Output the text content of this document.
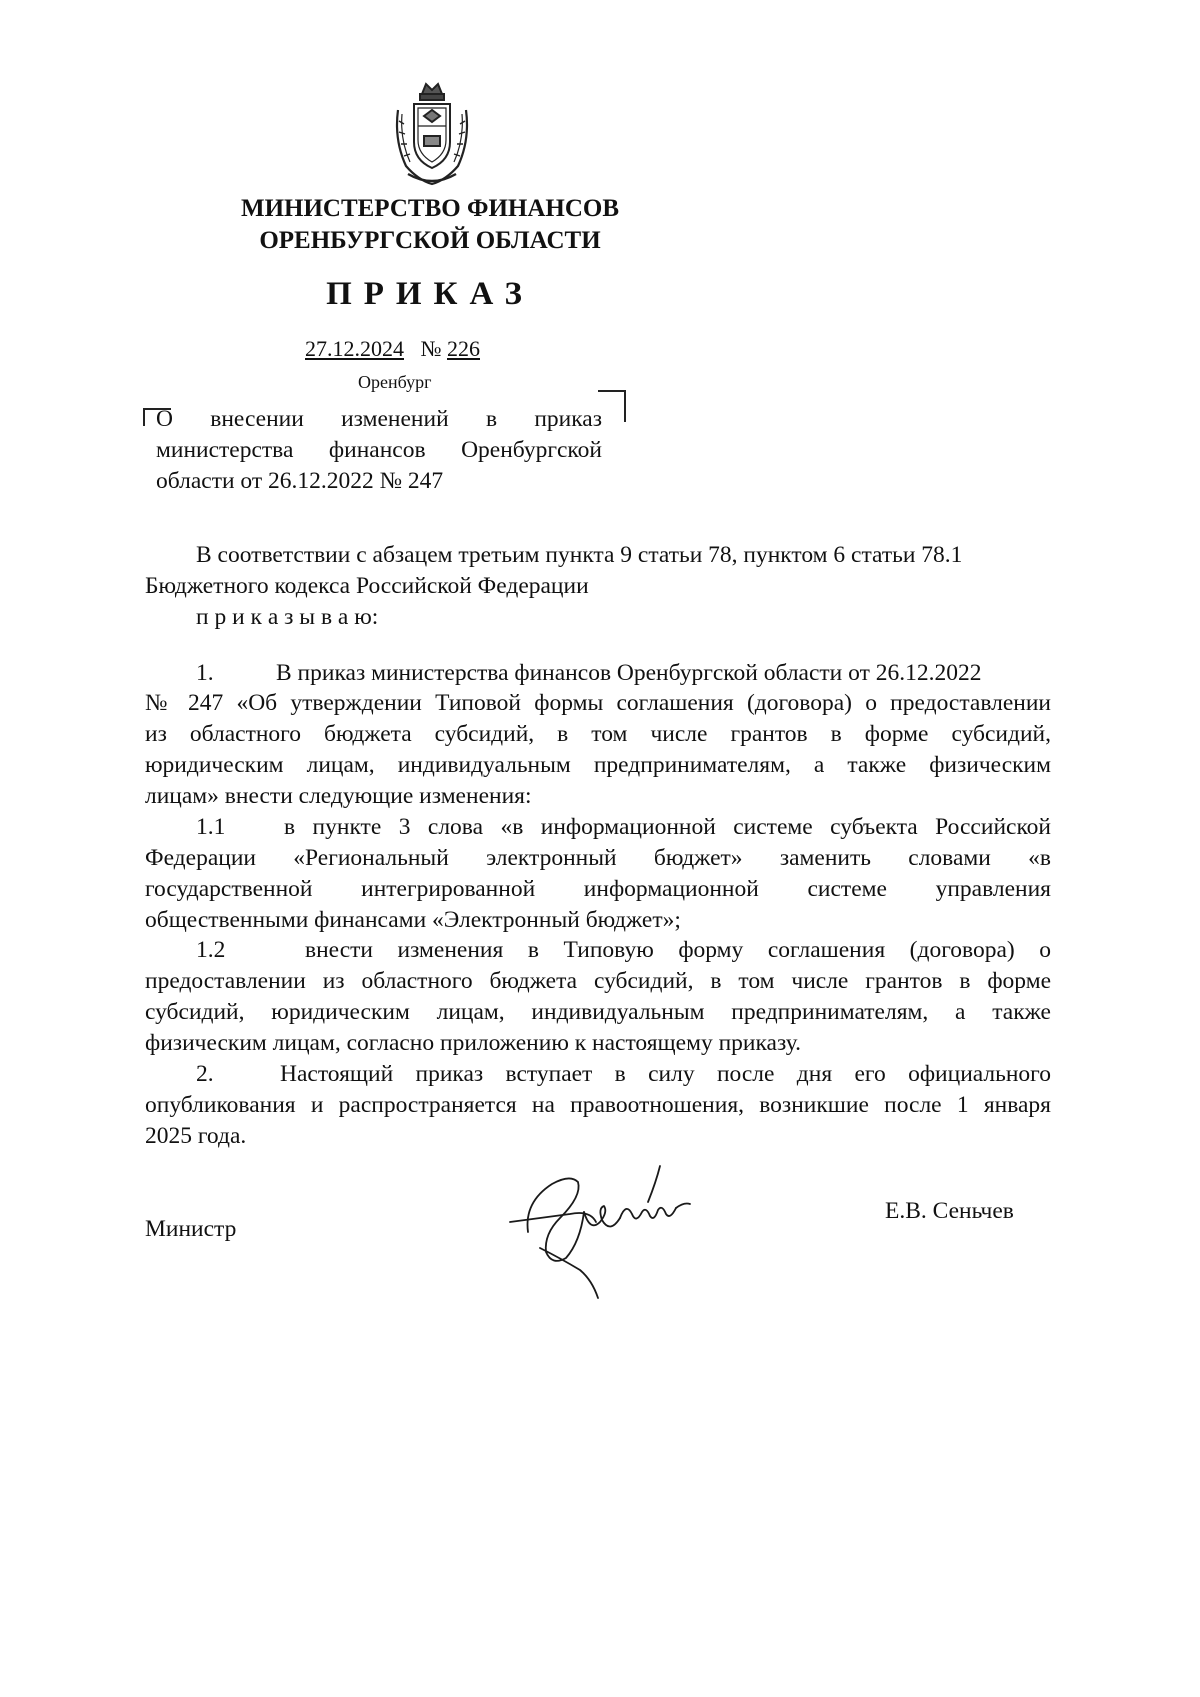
МИНИСТЕРСТВО ФИНАНСОВ
ОРЕНБУРГСКОЙ ОБЛАСТИ
ПРИКАЗ
27.12.2024 № 226
Оренбург
О внесении изменений в приказ
министерства финансов Оренбургской
области от 26.12.2022 № 247
В соответствии с абзацем третьим пункта 9 статьи 78, пунктом 6 статьи 78.1
Бюджетного кодекса Российской Федерации
п р и к а з ы в а ю:
1.	В приказ министерства финансов Оренбургской области от 26.12.2022
№ 247 «Об утверждении Типовой формы соглашения (договора) о предоставлении
из областного бюджета субсидий, в том числе грантов в форме субсидий,
юридическим лицам, индивидуальным предпринимателям, а также физическим
лицам» внести следующие изменения:
1.1 в пункте 3 слова «в информационной системе субъекта Российской
Федерации «Региональный электронный бюджет» заменить словами «в
государственной интегрированной информационной системе управления
общественными финансами «Электронный бюджет»;
1.2	внести изменения в Типовую форму соглашения (договора) о
предоставлении из областного бюджета субсидий, в том числе грантов в форме
субсидий, юридическим лицам, индивидуальным предпринимателям, а также
физическим лицам, согласно приложению к настоящему приказу.
2.	Настоящий приказ вступает в силу после дня его официального
опубликования и распространяется на правоотношения, возникшие после 1 января
2025 года.
Министр
Е.В. Сеньчев
